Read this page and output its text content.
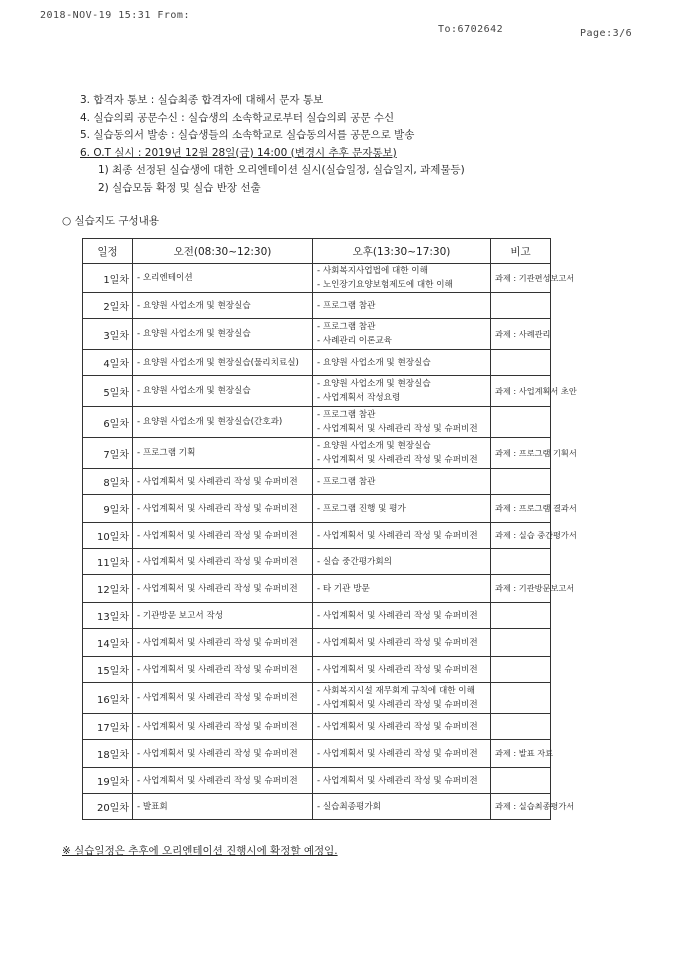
2018-NOV-19 15:31 From:
To:6702642	Page:3/6
3. 합격자 통보 : 실습최종 합격자에 대해서 문자 통보
4. 실습의뢰 공문수신 : 실습생의 소속학교로부터 실습의뢰 공문 수신
5. 실습동의서 발송 : 실습생들의 소속학교로 실습동의서를 공문으로 발송
6. O.T 실시 : 2019년 12월 28일(금) 14:00 (변경시 추후 문자통보)
1) 최종 선정된 실습생에 대한 오리엔테이션 실시(실습일정, 실습일지, 과제물등)
2) 실습모둠 확정 및 실습 반장 선출
○ 실습지도 구성내용
일정	오전(08:30~12:30)	오후(13:30~17:30)	비고
1일차	- 오리엔테이션	- 사회복지사업법에 대한 이해
- 노인장기요양보험제도에 대한 이해	과제 : 기관편성보고서
2일차	- 요양원 사업소개 및 현장실습	- 프로그램 참관	

3일차	- 요양원 사업소개 및 현장실습	- 프로그램 참관
- 사례관리 이론교육	과제 : 사례관리
4일차	- 요양원 사업소개 및 현장실습(물리치료실)	- 요양원 사업소개 및 현장실습	

5일차	- 요양원 사업소개 및 현장실습	- 요양원 사업소개 및 현장실습
- 사업계획서 작성요령	과제 : 사업계획서 초안
6일차	- 요양원 사업소개 및 현장실습(간호과)	- 프로그램 참관
- 사업계획서 및 사례관리 작성 및 슈퍼비전	

7일차	- 프로그램 기획	- 요양원 사업소개 및 현장실습
- 사업계획서 및 사례관리 작성 및 슈퍼비전	과제 : 프로그램 기획서
8일차	- 사업계획서 및 사례관리 작성 및 슈퍼비전	- 프로그램 참관	

9일차	- 사업계획서 및 사례관리 작성 및 슈퍼비전	- 프로그램 진행 및 평가	과제 : 프로그램 결과서
10일차	- 사업계획서 및 사례관리 작성 및 슈퍼비전	- 사업계획서 및 사례관리 작성 및 슈퍼비전	과제 : 실습 중간평가서
11일차	- 사업계획서 및 사례관리 작성 및 슈퍼비전	- 실습 중간평가회의	

12일차	- 사업계획서 및 사례관리 작성 및 슈퍼비전	- 타 기관 방문	과제 : 기관방문보고서
13일차	- 기관방문 보고서 작성	- 사업계획서 및 사례관리 작성 및 슈퍼비전	

14일차	- 사업계획서 및 사례관리 작성 및 슈퍼비전	- 사업계획서 및 사례관리 작성 및 슈퍼비전	

15일차	- 사업계획서 및 사례관리 작성 및 슈퍼비전	- 사업계획서 및 사례관리 작성 및 슈퍼비전	

16일차	- 사업계획서 및 사례관리 작성 및 슈퍼비전	- 사회복지시설 재무회계 규칙에 대한 이해
- 사업계획서 및 사례관리 작성 및 슈퍼비전	

17일차	- 사업계획서 및 사례관리 작성 및 슈퍼비전	- 사업계획서 및 사례관리 작성 및 슈퍼비전	

18일차	- 사업계획서 및 사례관리 작성 및 슈퍼비전	- 사업계획서 및 사례관리 작성 및 슈퍼비전	과제 : 발표 자료
19일차	- 사업계획서 및 사례관리 작성 및 슈퍼비전	- 사업계획서 및 사례관리 작성 및 슈퍼비전	

20일차	- 발표회	- 실습최종평가회	과제 : 실습최종평가서
※ 실습일정은 추후에 오리엔테이션 진행시에 확정할 예정임.
